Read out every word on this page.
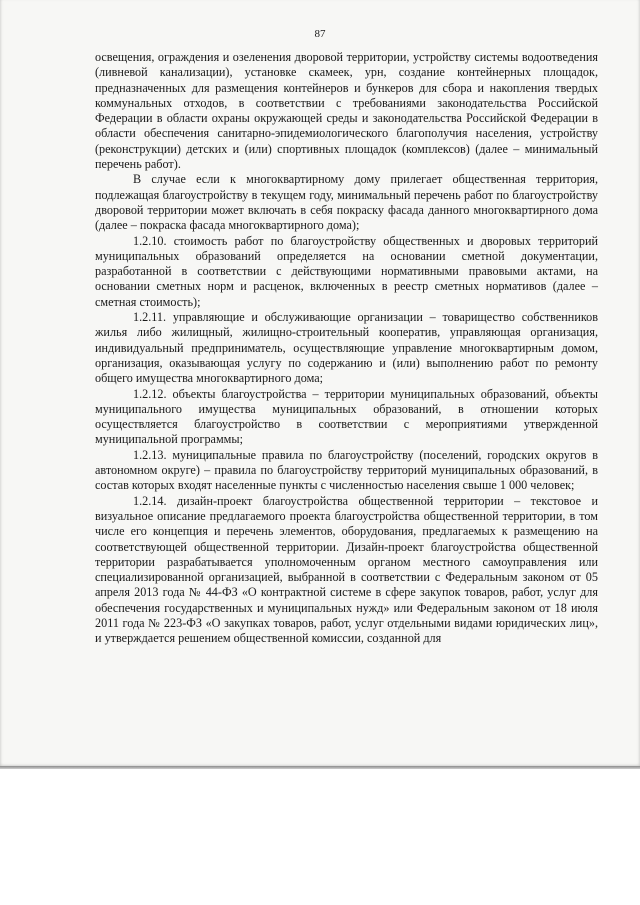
87

освещения, ограждения и озеленения дворовой территории, устройству системы водоотведения (ливневой канализации), установке скамеек, урн, создание контейнерных площадок, предназначенных для размещения контейнеров и бункеров для сбора и накопления твердых коммунальных отходов, в соответствии с требованиями законодательства Российской Федерации в области охраны окружающей среды и законодательства Российской Федерации в области обеспечения санитарно-эпидемиологического благополучия населения, устройству (реконструкции) детских и (или) спортивных площадок (комплексов) (далее – минимальный перечень работ).

В случае если к многоквартирному дому прилегает общественная территория, подлежащая благоустройству в текущем году, минимальный перечень работ по благоустройству дворовой территории может включать в себя покраску фасада данного многоквартирного дома (далее – покраска фасада многоквартирного дома);

1.2.10. стоимость работ по благоустройству общественных и дворовых территорий муниципальных образований определяется на основании сметной документации, разработанной в соответствии с действующими нормативными правовыми актами, на основании сметных норм и расценок, включенных в реестр сметных нормативов (далее – сметная стоимость);

1.2.11. управляющие и обслуживающие организации – товарищество собственников жилья либо жилищный, жилищно-строительный кооператив, управляющая организация, индивидуальный предприниматель, осуществляющие управление многоквартирным домом, организация, оказывающая услугу по содержанию и (или) выполнению работ по ремонту общего имущества многоквартирного дома;

1.2.12. объекты благоустройства – территории муниципальных образований, объекты муниципального имущества муниципальных образований, в отношении которых осуществляется благоустройство в соответствии с мероприятиями утвержденной муниципальной программы;

1.2.13. муниципальные правила по благоустройству (поселений, городских округов в автономном округе) – правила по благоустройству территорий муниципальных образований, в состав которых входят населенные пункты с численностью населения свыше 1 000 человек;

1.2.14. дизайн-проект благоустройства общественной территории – текстовое и визуальное описание предлагаемого проекта благоустройства общественной территории, в том числе его концепция и перечень элементов, оборудования, предлагаемых к размещению на соответствующей общественной территории. Дизайн-проект благоустройства общественной территории разрабатывается уполномоченным органом местного самоуправления или специализированной организацией, выбранной в соответствии с Федеральным законом от 05 апреля 2013 года № 44-ФЗ «О контрактной системе в сфере закупок товаров, работ, услуг для обеспечения государственных и муниципальных нужд» или Федеральным законом от 18 июля 2011 года № 223-ФЗ «О закупках товаров, работ, услуг отдельными видами юридических лиц», и утверждается решением общественной комиссии, созданной для
